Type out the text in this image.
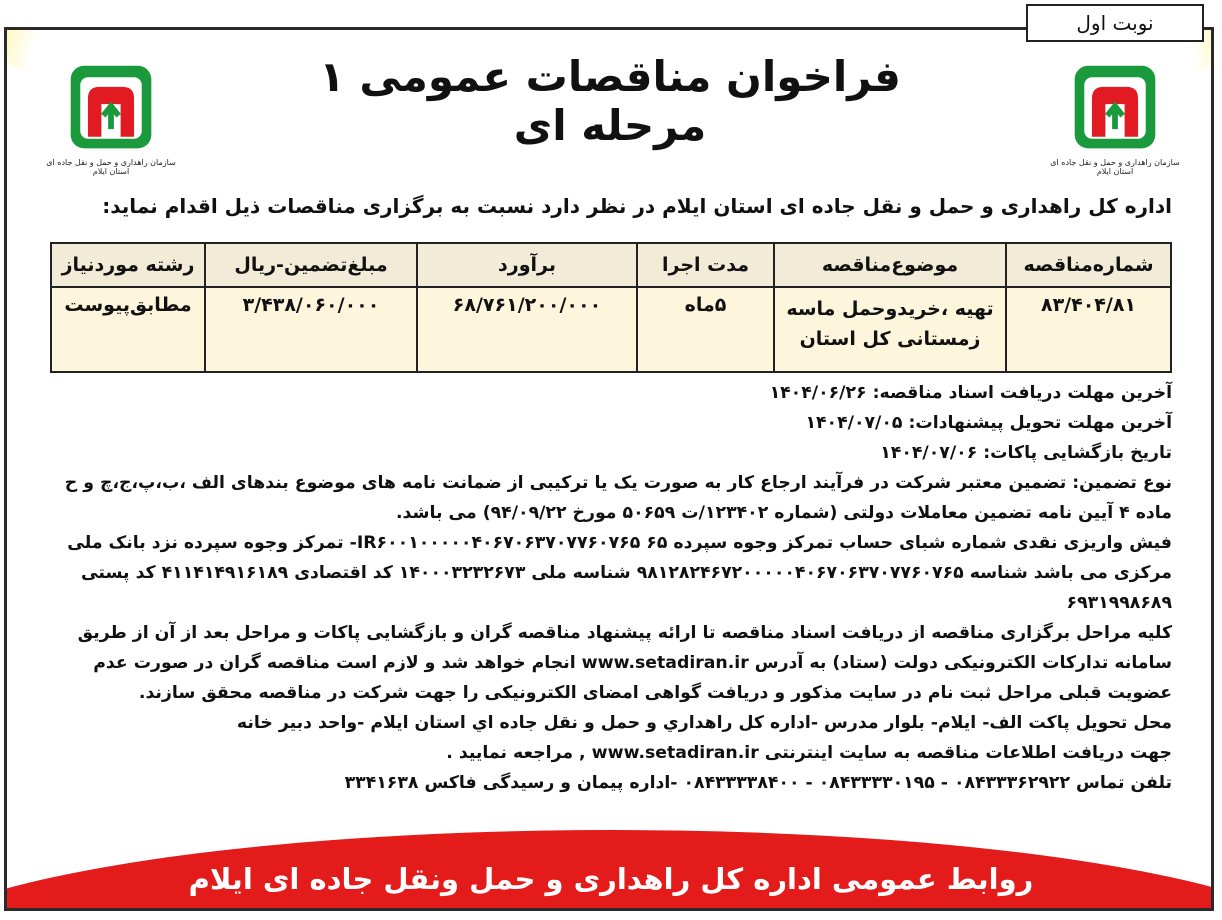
نوبت اول
سازمان راهداری و حمل و نقل جاده ای استان ایلام
سازمان راهداری و حمل و نقل جاده ای استان ایلام
فراخوان مناقصات عمومی ۱ مرحله ای
اداره کل راهداری و حمل و نقل جاده ای استان ایلام در نظر دارد نسبت به برگزاری مناقصات ذیل اقدام نماید:
شماره‌مناقصه	موضوع‌مناقصه	مدت اجرا	برآورد	مبلغ‌تضمین-ریال	رشته مورد‌نیاز
۸۳/۴۰۴/۸۱	تهیه ،خرید‌و‌حمل ماسه زمستانی کل استان	۵ماه	۶۸/۷۶۱/۲۰۰/۰۰۰	۳/۴۳۸/۰۶۰/۰۰۰	مطابق‌پیوست

آخرین مهلت دریافت اسناد مناقصه: ۱۴۰۴/۰۶/۲۶

آخرین مهلت تحویل پیشنهادات: ۱۴۰۴/۰۷/۰۵

تاریخ بازگشایی پاکات: ۱۴۰۴/۰۷/۰۶

نوع تضمین: تضمین معتبر شرکت در فرآیند ارجاع کار به صورت یک یا ترکیبی از ضمانت نامه های موضوع بندهای الف ،ب،پ،ج،چ و ح ماده ۴ آیین نامه تضمین معاملات دولتی (شماره ۱۲۳۴۰۲/ت ۵۰۶۵۹ مورخ ۹۴/۰۹/۲۲) می باشد.

فیش واریزی نقدی شماره شبای حساب تمرکز وجوه سپرده ۶۵ IR۶۰۰۱۰۰۰۰۰۴۰۶۷۰۶۳۷۰۷۷۶۰۷۶۵- تمرکز وجوه سپرده نزد بانک ملی مرکزی می باشد شناسه ۹۸۱۲۸۲۴۶۷۲۰۰۰۰۰۴۰۶۷۰۶۳۷۰۷۷۶۰۷۶۵ شناسه ملی ۱۴۰۰۰۳۲۳۲۶۷۳ کد اقتصادی ۴۱۱۴۱۴۹۱۶۱۸۹ کد پستی ۶۹۳۱۹۹۸۶۸۹

کلیه مراحل برگزاری مناقصه از دریافت اسناد مناقصه تا ارائه پیشنهاد مناقصه گران و بازگشایی پاکات و مراحل بعد از آن از طریق سامانه تدارکات الکترونیکی دولت (ستاد) به آدرس www.setadiran.ir انجام خواهد شد و لازم است مناقصه گران در صورت عدم عضویت قبلی مراحل ثبت نام در سایت مذکور و دریافت گواهی امضای الکترونیکی را جهت شرکت در مناقصه محقق سازند.

محل تحویل پاکت الف- ایلام- بلوار مدرس -اداره کل راهداري و حمل و نقل جاده اي استان ایلام -واحد دبیر خانه

جهت دریافت اطلاعات مناقصه به سایت اینترنتی www.setadiran.ir , مراجعه نمایید .

تلفن تماس ۰۸۴۳۳۳۶۲۹۲۲ - ۰۸۴۳۳۳۳۰۱۹۵ - ۰۸۴۳۳۳۳۸۴۰۰ -اداره پیمان و رسیدگی فاکس ۳۳۴۱۶۳۸

روابط عمومی اداره کل راهداری و حمل ونقل جاده ای ایلام
